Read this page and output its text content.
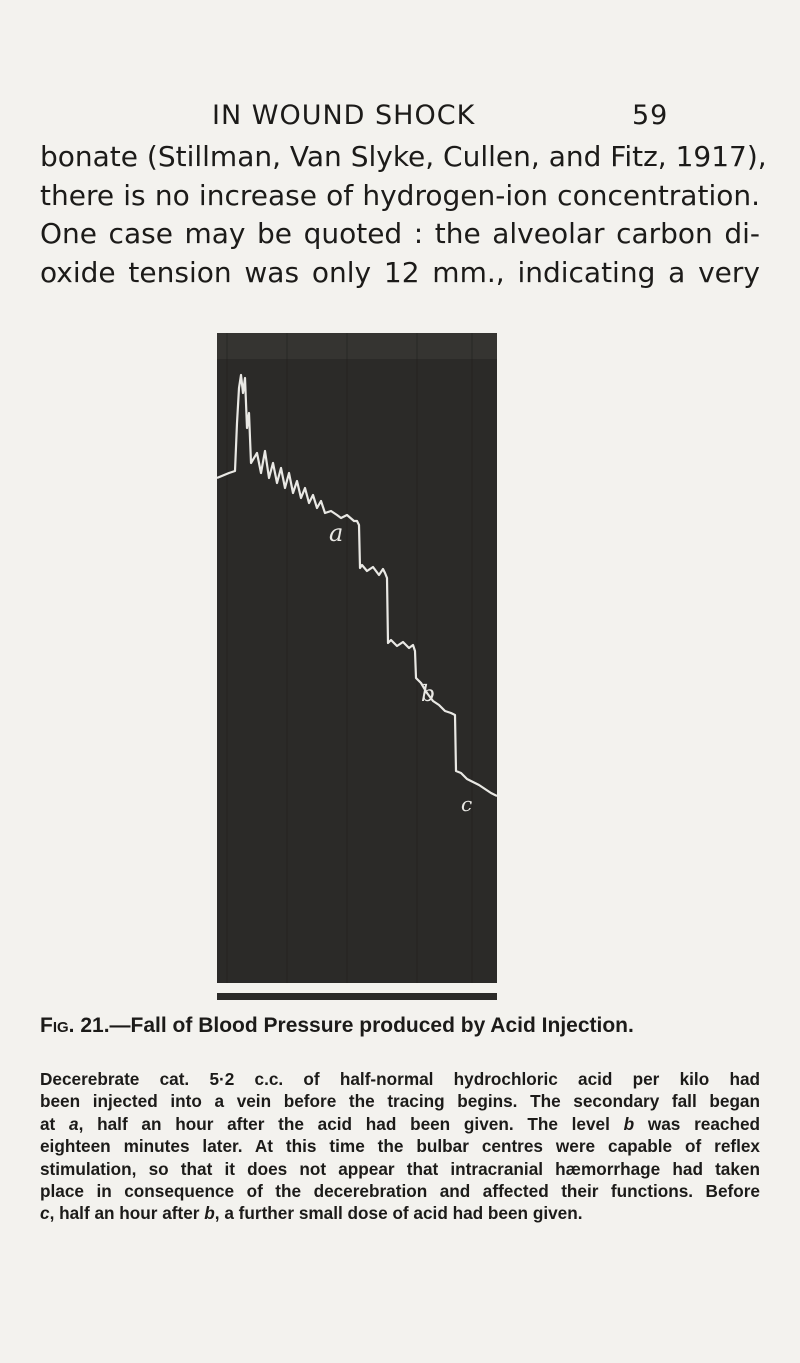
IN WOUND SHOCK	59
bonate (Stillman, Van Slyke, Cullen, and Fitz, 1917),
there is no increase of hydrogen-ion concentration.
One case may be quoted : the alveolar carbon di-
oxide tension was only 12 mm., indicating a very
a
b
c
Fig. 21.—Fall of Blood Pressure produced by Acid Injection.
Decerebrate cat. 5·2 c.c. of half-normal hydrochloric acid per kilo had
been injected into a vein before the tracing begins. The secondary fall began
at a, half an hour after the acid had been given. The level b was reached
eighteen minutes later. At this time the bulbar centres were capable of reflex
stimulation, so that it does not appear that intracranial hæmorrhage had taken
place in consequence of the decerebration and affected their functions. Before
c, half an hour after b, a further small dose of acid had been given.
